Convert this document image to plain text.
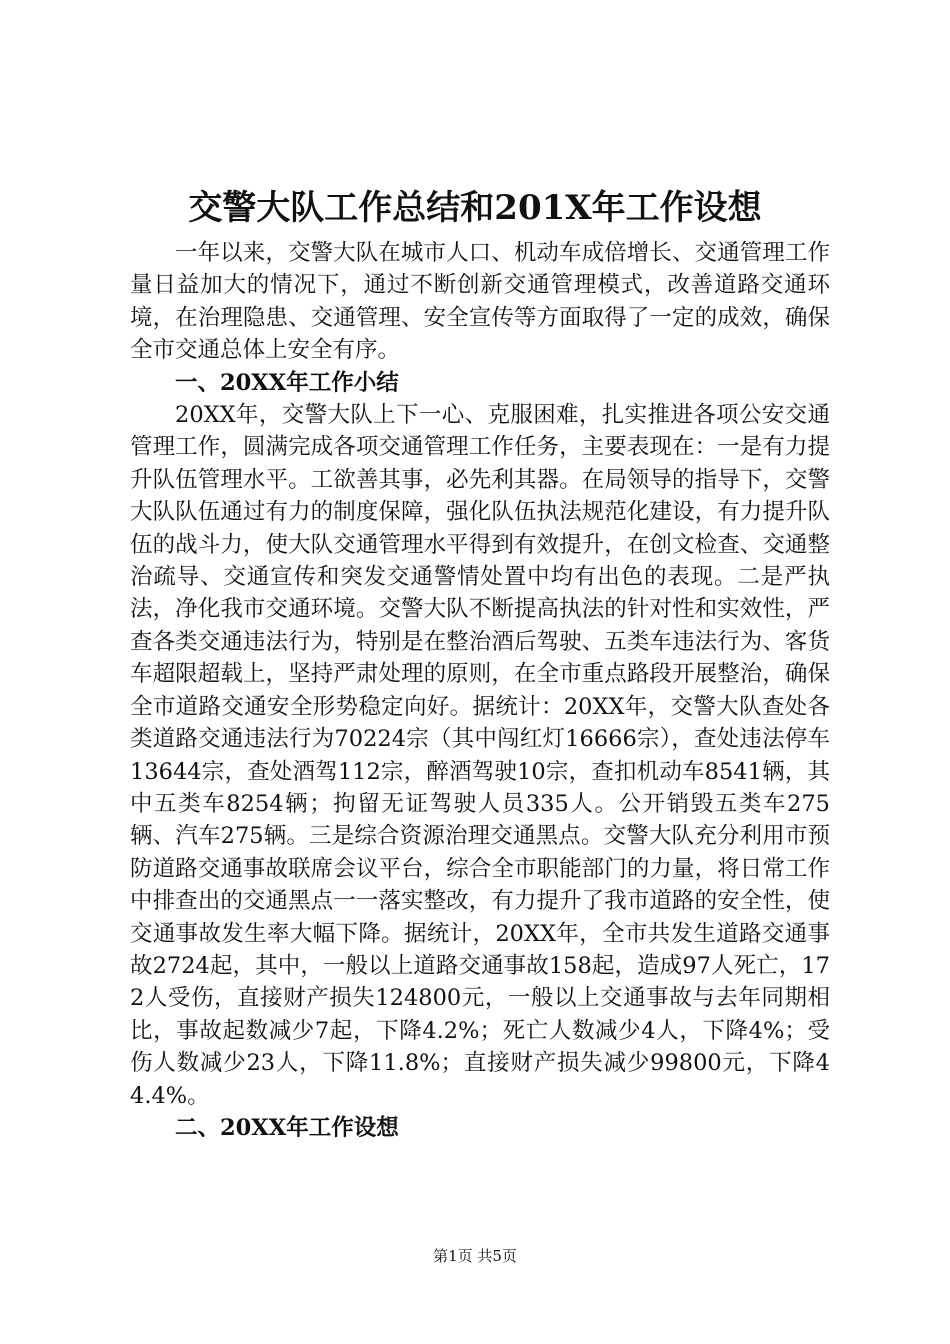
交警大队工作总结和201X年工作设想

一年以来，交警大队在城市人口、机动车成倍增长、交通管理工作量日益加大的情况下，通过不断创新交通管理模式，改善道路交通环境，在治理隐患、交通管理、安全宣传等方面取得了一定的成效，确保全市交通总体上安全有序。

一、20XX年工作小结

20XX年，交警大队上下一心、克服困难，扎实推进各项公安交通管理工作，圆满完成各项交通管理工作任务，主要表现在：一是有力提升队伍管理水平。工欲善其事，必先利其器。在局领导的指导下，交警大队队伍通过有力的制度保障，强化队伍执法规范化建设，有力提升队伍的战斗力，使大队交通管理水平得到有效提升，在创文检查、交通整治疏导、交通宣传和突发交通警情处置中均有出色的表现。二是严执法，净化我市交通环境。交警大队不断提高执法的针对性和实效性，严查各类交通违法行为，特别是在整治酒后驾驶、五类车违法行为、客货车超限超载上，坚持严肃处理的原则，在全市重点路段开展整治，确保全市道路交通安全形势稳定向好。据统计：20XX年，交警大队查处各类道路交通违法行为70224宗（其中闯红灯16666宗），查处违法停车13644宗，查处酒驾112宗，醉酒驾驶10宗，查扣机动车8541辆，其中五类车8254辆；拘留无证驾驶人员335人。公开销毁五类车275辆、汽车275辆。三是综合资源治理交通黑点。交警大队充分利用市预防道路交通事故联席会议平台，综合全市职能部门的力量，将日常工作中排查出的交通黑点一一落实整改，有力提升了我市道路的安全性，使交通事故发生率大幅下降。据统计，20XX年，全市共发生道路交通事故2724起，其中，一般以上道路交通事故158起，造成97人死亡，172人受伤，直接财产损失124800元，一般以上交通事故与去年同期相比，事故起数减少7起，下降4.2%；死亡人数减少4人，下降4%；受伤人数减少23人，下降11.8%；直接财产损失减少99800元，下降44.4%。

二、20XX年工作设想

第1页 共5页
